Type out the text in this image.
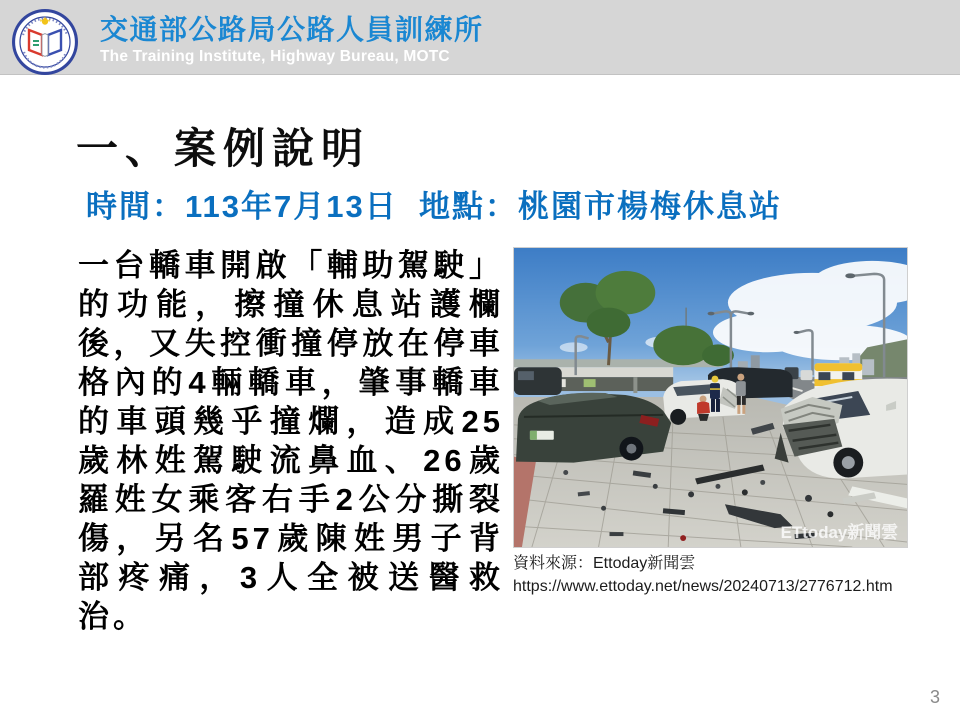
交通部公路局公路人員訓練所
The Training Institute, Highway Bureau, MOTC
一、案例說明
時間：113年7月13日  地點：桃園市楊梅休息站
一台轎車開啟「輔助駕駛」的功能，擦撞休息站護欄後，又失控衝撞停放在停車格內的4輛轎車，肇事轎車的車頭幾乎撞爛，造成25歲林姓駕駛流鼻血、26歲羅姓女乘客右手2公分撕裂傷，另名57歲陳姓男子背部疼痛，3人全被送醫救治。
ETtoday新聞雲
資料來源：Ettoday新聞雲
https://www.ettoday.net/news/20240713/2776712.htm
3
